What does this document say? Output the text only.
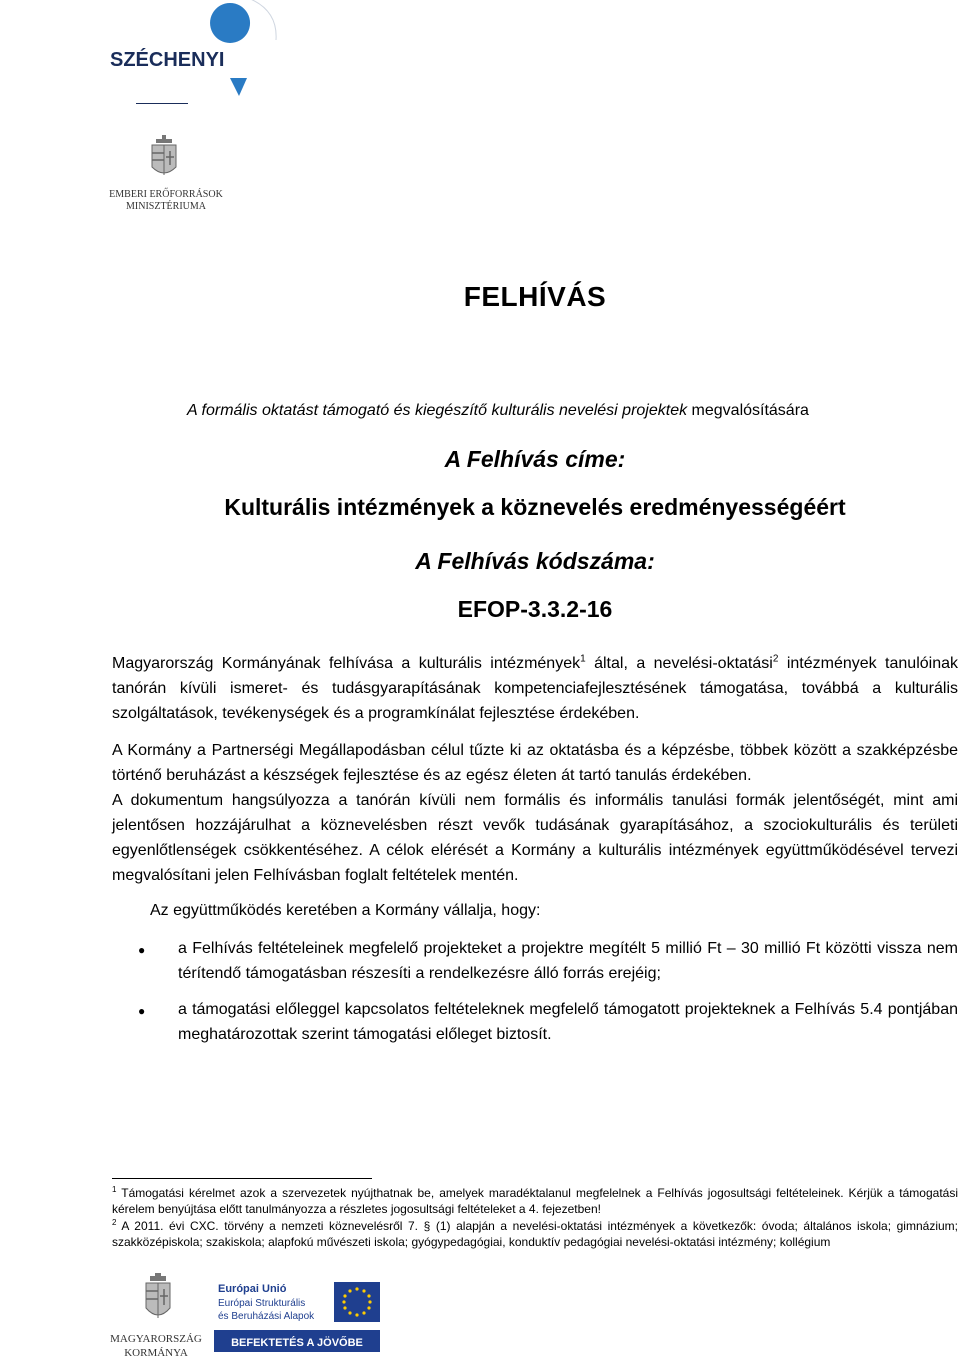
SZÉCHENYI 2020
EMBERI ERŐFORRÁSOK
MINISZTÉRIUMA
FELHÍVÁS
A formális oktatást támogató és kiegészítő kulturális nevelési projektek megvalósítására
A Felhívás címe:
Kulturális intézmények a köznevelés eredményességéért
A Felhívás kódszáma:
EFOP-3.3.2-16
Magyarország Kormányának felhívása a kulturális intézmények$^1$ által, a nevelési-oktatási$^2$ intézmények tanulóinak tanórán kívüli ismeret- és tudásgyarapításának kompetenciafejlesztésének támogatása, továbbá a kulturális szolgáltatások, tevékenységek és a programkínálat fejlesztése érdekében.
A Kormány a Partnerségi Megállapodásban célul tűzte ki az oktatásba és a képzésbe, többek között a szakképzésbe történő beruházást a készségek fejlesztése és az egész életen át tartó tanulás érdekében.
A dokumentum hangsúlyozza a tanórán kívüli nem formális és informális tanulási formák jelentőségét, mint ami jelentősen hozzájárulhat a köznevelésben részt vevők tudásának gyarapításához, a szociokulturális és területi egyenlőtlenségek csökkentéséhez. A célok elérését a Kormány a kulturális intézmények együttműködésével tervezi megvalósítani jelen Felhívásban foglalt feltételek mentén.
Az együttműködés keretében a Kormány vállalja, hogy:
● a Felhívás feltételeinek megfelelő projekteket a projektre megítélt 5 millió Ft – 30 millió Ft közötti vissza nem térítendő támogatásban részesíti a rendelkezésre álló forrás erejéig;
● a támogatási előleggel kapcsolatos feltételeknek megfelelő támogatott projekteknek a Felhívás 5.4 pontjában meghatározottak szerint támogatási előleget biztosít.
$^1$ Támogatási kérelmet azok a szervezetek nyújthatnak be, amelyek maradéktalanul megfelelnek a Felhívás jogosultsági feltételeinek. Kérjük a támogatási kérelem benyújtása előtt tanulmányozza a részletes jogosultsági feltételeket a 4. fejezetben!
$^2$ A 2011. évi CXC. törvény a nemzeti köznevelésről 7. § (1) alapján a nevelési-oktatási intézmények a következők: óvoda; általános iskola; gimnázium; szakközépiskola; szakiskola; alapfokú művészeti iskola; gyógypedagógiai, konduktív pedagógiai nevelési-oktatási intézmény; kollégium
MAGYARORSZÁG
KORMÁNYA
Európai Unió
Európai Strukturális
és Beruházási Alapok
BEFEKTETÉS A JÖVŐBE
